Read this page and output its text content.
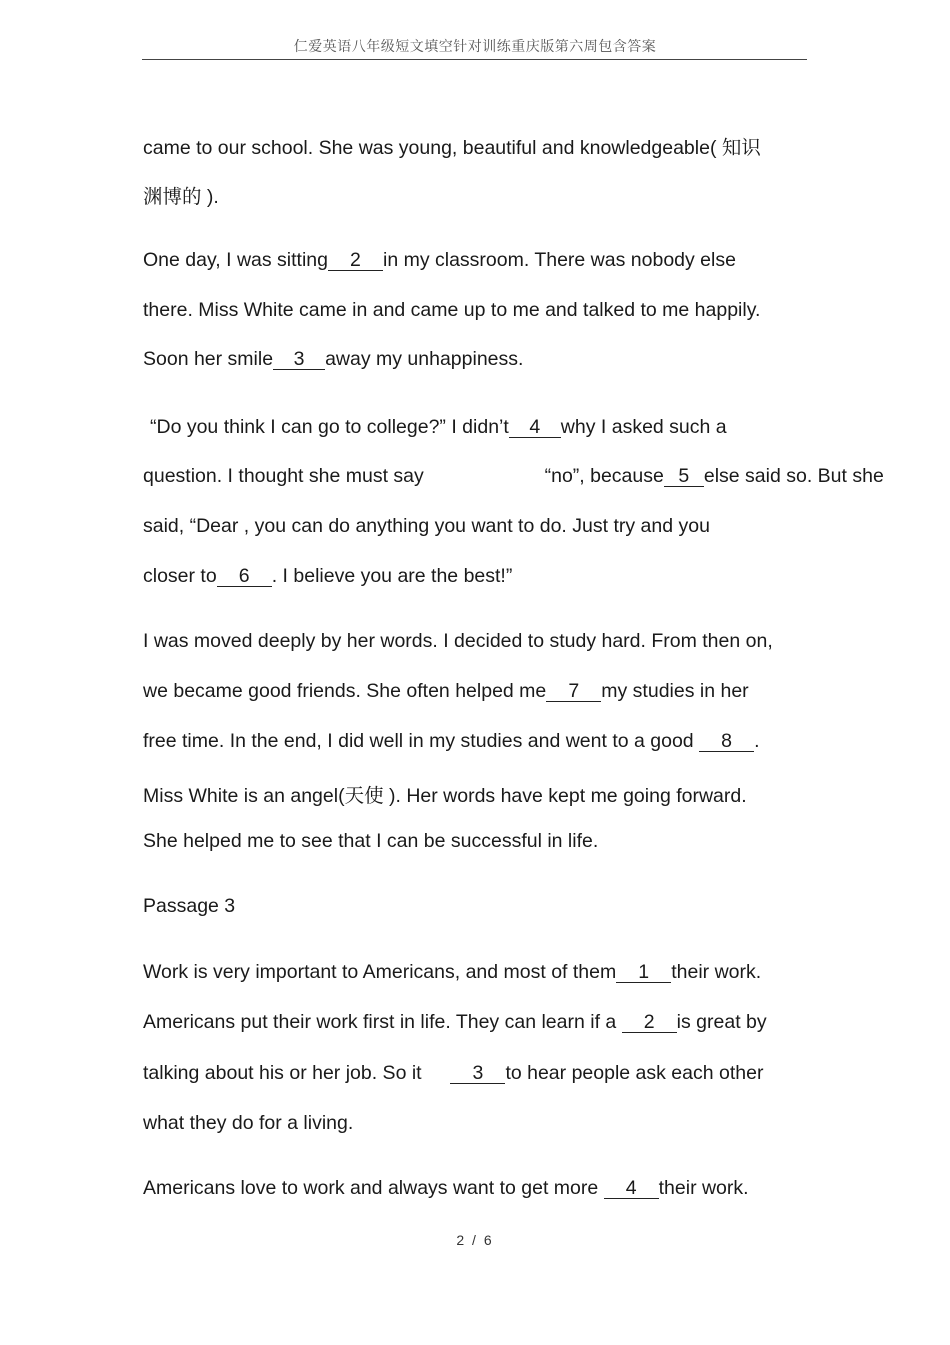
仁爱英语八年级短文填空针对训练重庆版第六周包含答案
came to our school. She was young, beautiful and knowledgeable( 知识
渊博的 ).
One day, I was sitting 2 in my classroom. There was nobody else
there. Miss White came in and came up to me and talked to me happily.
Soon her smile 3 away my unhappiness.
“Do you think I can go to college?” I didn’t 4 why I asked such a
question. I thought she must say	“no”, because 5 else said so. But she
said, “Dear , you can do anything you want to do. Just try and you
closer to 6 . I believe you are the best!”
I was moved deeply by her words. I decided to study hard. From then on,
we became good friends. She often helped me 7 my studies in her
free time. In the end, I did well in my studies and went to a good 8 .
Miss White is an angel(天使 ). Her words have kept me going forward.
She helped me to see that I can be successful in life.
Passage 3
Work is very important to Americans, and most of them 1 their work.
Americans put their work first in life. They can learn if a 2 is great by
talking about his or her job. So it	3 to hear people ask each other
what they do for a living.
Americans love to work and always want to get more 4 their work.
2 / 6
